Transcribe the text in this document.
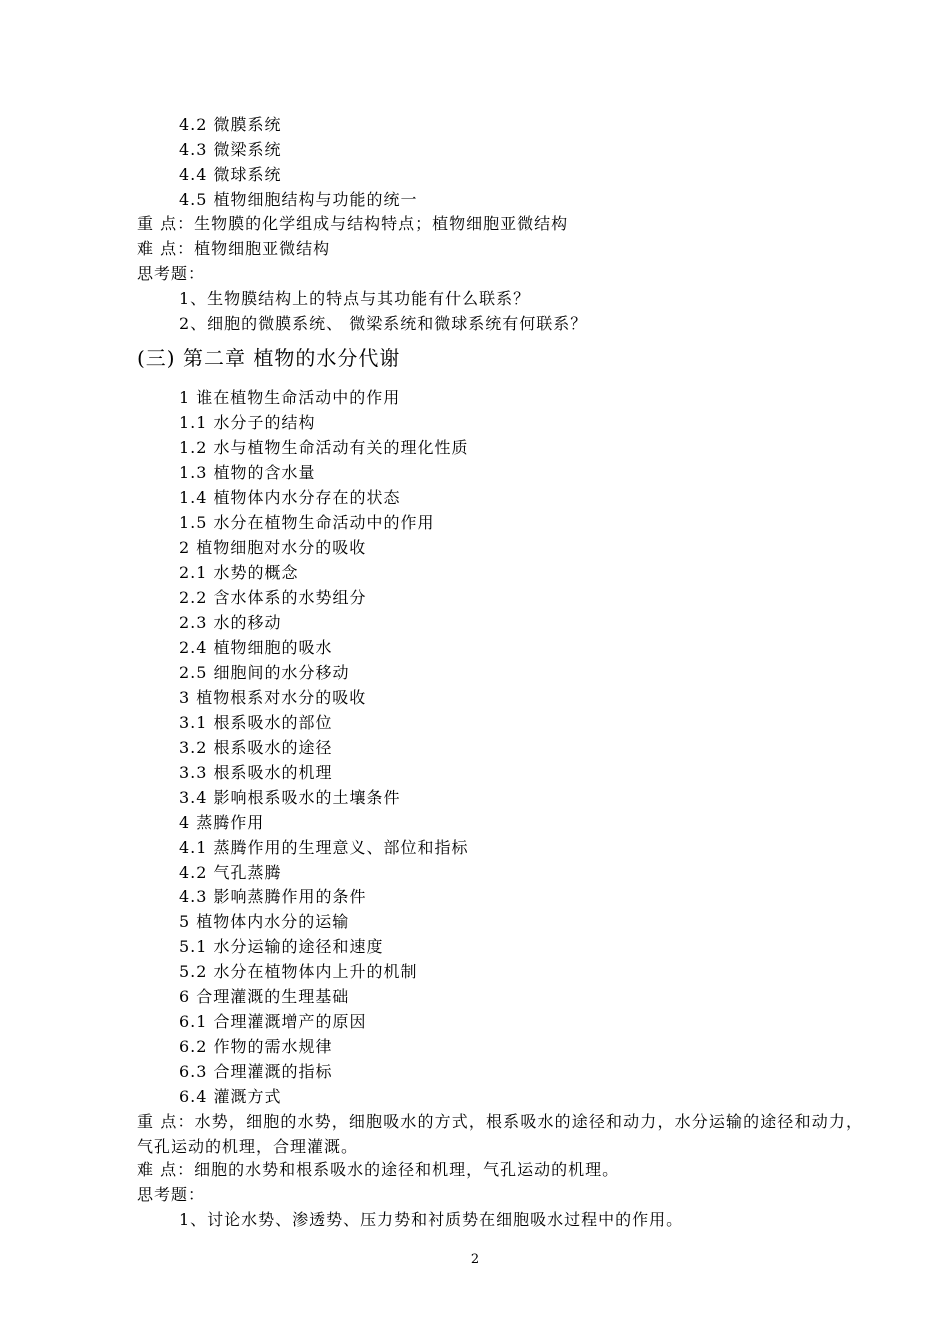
4.2 微膜系统
4.3 微梁系统
4.4 微球系统
4.5 植物细胞结构与功能的统一
重 点：生物膜的化学组成与结构特点；植物细胞亚微结构
难 点：植物细胞亚微结构
思考题：
1、生物膜结构上的特点与其功能有什么联系？
2、细胞的微膜系统、 微梁系统和微球系统有何联系？
(三) 第二章 植物的水分代谢
1 谁在植物生命活动中的作用
1.1 水分子的结构
1.2 水与植物生命活动有关的理化性质
1.3 植物的含水量
1.4 植物体内水分存在的状态
1.5 水分在植物生命活动中的作用
2 植物细胞对水分的吸收
2.1 水势的概念
2.2 含水体系的水势组分
2.3 水的移动
2.4 植物细胞的吸水
2.5 细胞间的水分移动
3 植物根系对水分的吸收
3.1 根系吸水的部位
3.2 根系吸水的途径
3.3 根系吸水的机理
3.4 影响根系吸水的土壤条件
4 蒸腾作用
4.1 蒸腾作用的生理意义、部位和指标
4.2 气孔蒸腾
4.3 影响蒸腾作用的条件
5 植物体内水分的运输
5.1 水分运输的途径和速度
5.2 水分在植物体内上升的机制
6 合理灌溉的生理基础
6.1 合理灌溉增产的原因
6.2 作物的需水规律
6.3 合理灌溉的指标
6.4 灌溉方式
重 点：水势，细胞的水势，细胞吸水的方式，根系吸水的途径和动力，水分运输的途径和动力，气孔运动的机理，合理灌溉。
难 点：细胞的水势和根系吸水的途径和机理，气孔运动的机理。
思考题：
1、讨论水势、渗透势、压力势和衬质势在细胞吸水过程中的作用。
2
